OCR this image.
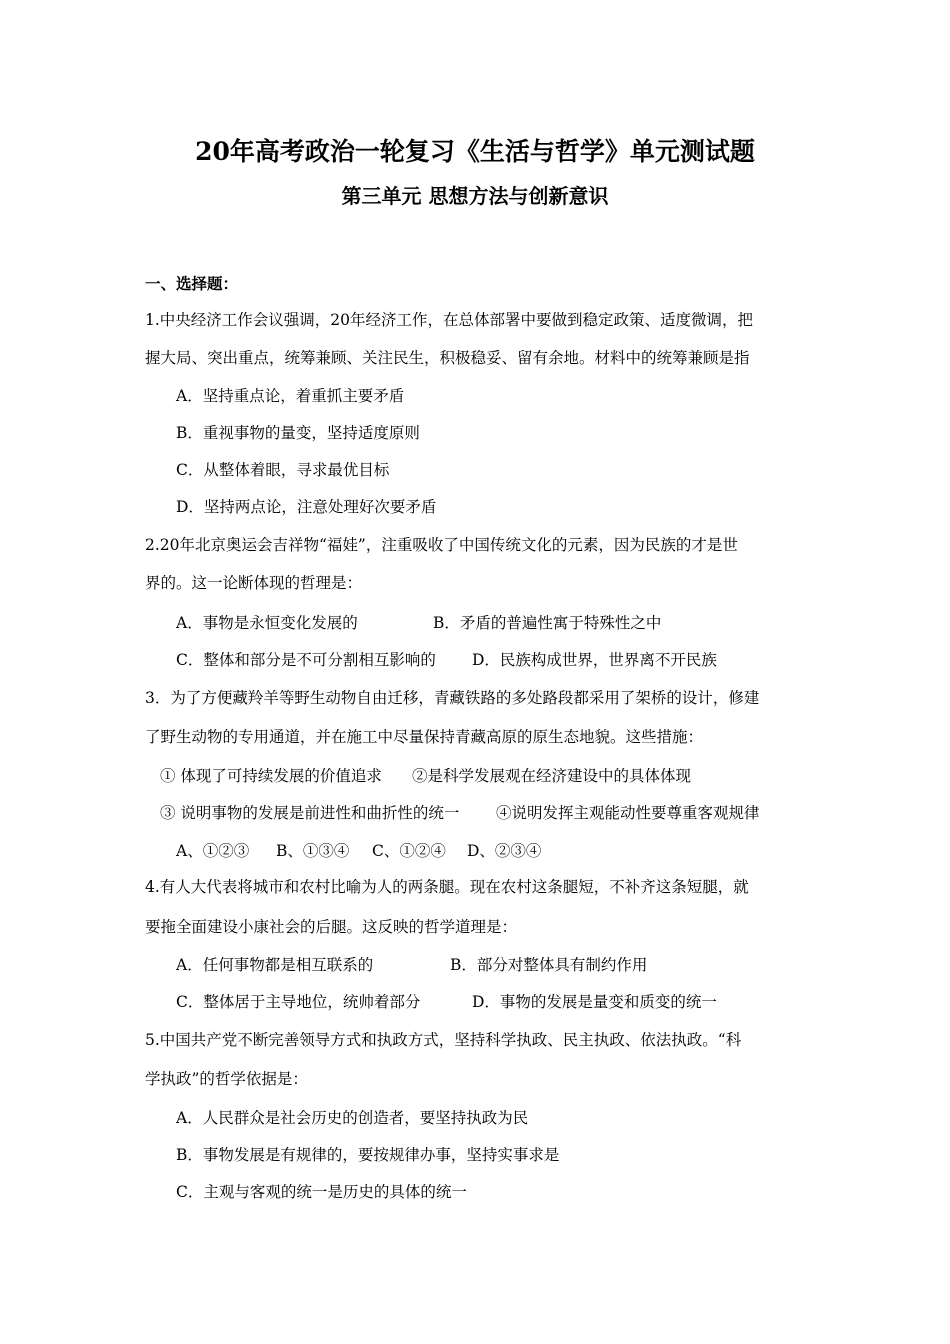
20年高考政治一轮复习《生活与哲学》单元测试题
第三单元 思想方法与创新意识
一、选择题：
1.中央经济工作会议强调，20年经济工作，在总体部署中要做到稳定政策、适度微调，把
握大局、突出重点，统筹兼顾、关注民生，积极稳妥、留有余地。材料中的统筹兼顾是指
A．坚持重点论，着重抓主要矛盾
B．重视事物的量变，坚持适度原则
C．从整体着眼，寻求最优目标
D．坚持两点论，注意处理好次要矛盾
2.20年北京奥运会吉祥物“福娃”，注重吸收了中国传统文化的元素，因为民族的才是世
界的。这一论断体现的哲理是：
A．事物是永恒变化发展的	B．矛盾的普遍性寓于特殊性之中
C．整体和部分是不可分割相互影响的 D．民族构成世界，世界离不开民族
3．为了方便藏羚羊等野生动物自由迁移，青藏铁路的多处路段都采用了架桥的设计，修建
了野生动物的专用通道，并在施工中尽量保持青藏高原的原生态地貌。这些措施：
① 体现了可持续发展的价值追求 ②是科学发展观在经济建设中的具体体现
③ 说明事物的发展是前进性和曲折性的统一 ④说明发挥主观能动性要尊重客观规律
A、①②③ B、①③④ C、①②④ D、②③④
4.有人大代表将城市和农村比喻为人的两条腿。现在农村这条腿短，不补齐这条短腿，就
要拖全面建设小康社会的后腿。这反映的哲学道理是：
A．任何事物都是相互联系的	B．部分对整体具有制约作用
C．整体居于主导地位，统帅着部分	D．事物的发展是量变和质变的统一
5.中国共产党不断完善领导方式和执政方式，坚持科学执政、民主执政、依法执政。“科
学执政”的哲学依据是：
A．人民群众是社会历史的创造者，要坚持执政为民
B．事物发展是有规律的，要按规律办事，坚持实事求是
C．主观与客观的统一是历史的具体的统一
